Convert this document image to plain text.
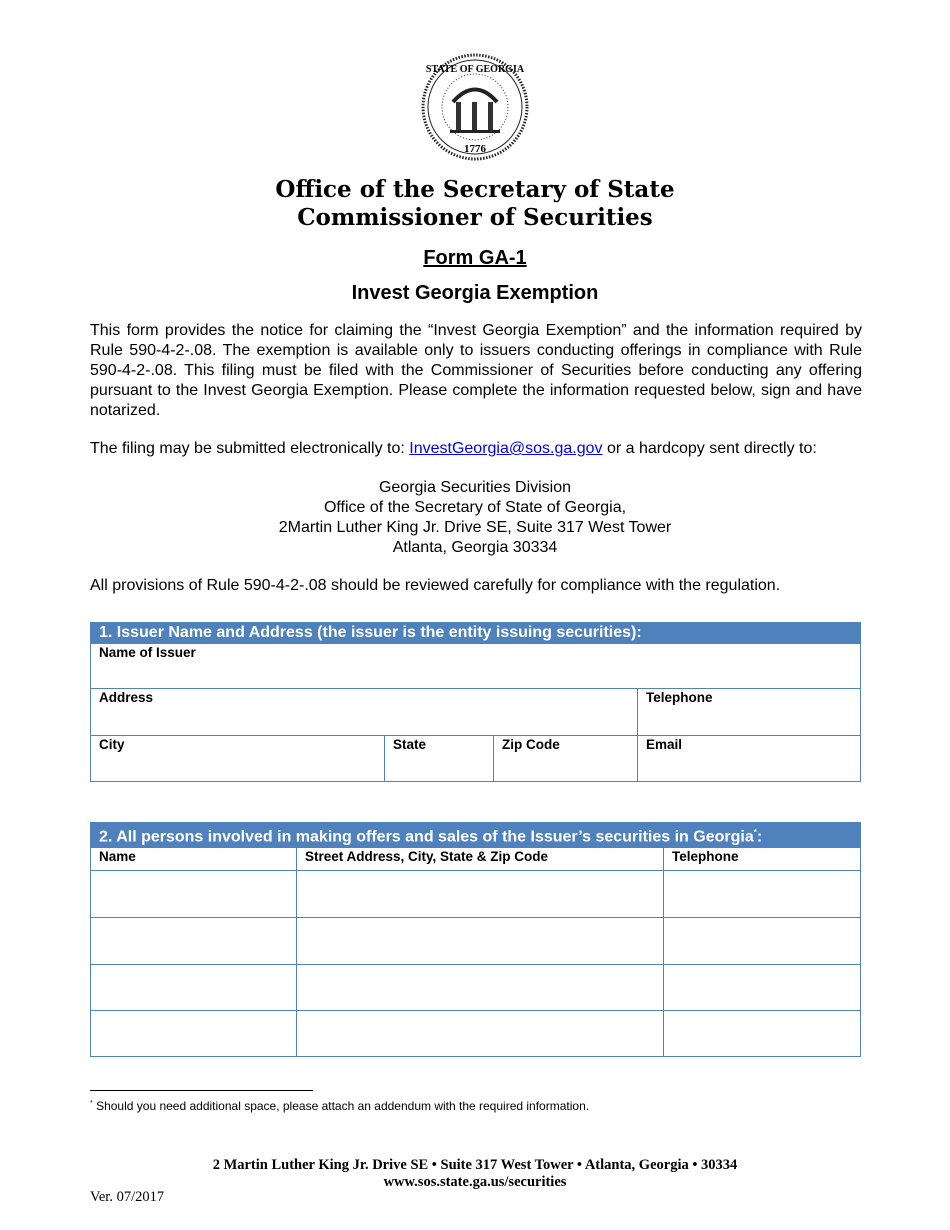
STATE OF GEORGIA
1776
Office of the Secretary of State
Commissioner of Securities
Form GA-1
Invest Georgia Exemption
This form provides the notice for claiming the “Invest Georgia Exemption” and the information required by Rule 590-4-2-.08. The exemption is available only to issuers conducting offerings in compliance with Rule 590-4-2-.08. This filing must be filed with the Commissioner of Securities before conducting any offering pursuant to the Invest Georgia Exemption. Please complete the information requested below, sign and have notarized.
The filing may be submitted electronically to: InvestGeorgia@sos.ga.gov or a hardcopy sent directly to:
Georgia Securities Division
Office of the Secretary of State of Georgia,
2Martin Luther King Jr. Drive SE, Suite 317 West Tower
Atlanta, Georgia 30334
All provisions of Rule 590-4-2-.08 should be reviewed carefully for compliance with the regulation.
1. Issuer Name and Address (the issuer is the entity issuing securities):			
Name of Issuer			
Address			Telephone
City	State	Zip Code	Email
2. All persons involved in making offers and sales of the Issuer’s securities in Georgia*:		
Name	Street Address, City, State & Zip Code	Telephone

* Should you need additional space, please attach an addendum with the required information.
2 Martin Luther King Jr. Drive SE • Suite 317 West Tower • Atlanta, Georgia • 30334
www.sos.state.ga.us/securities
Ver. 07/2017
